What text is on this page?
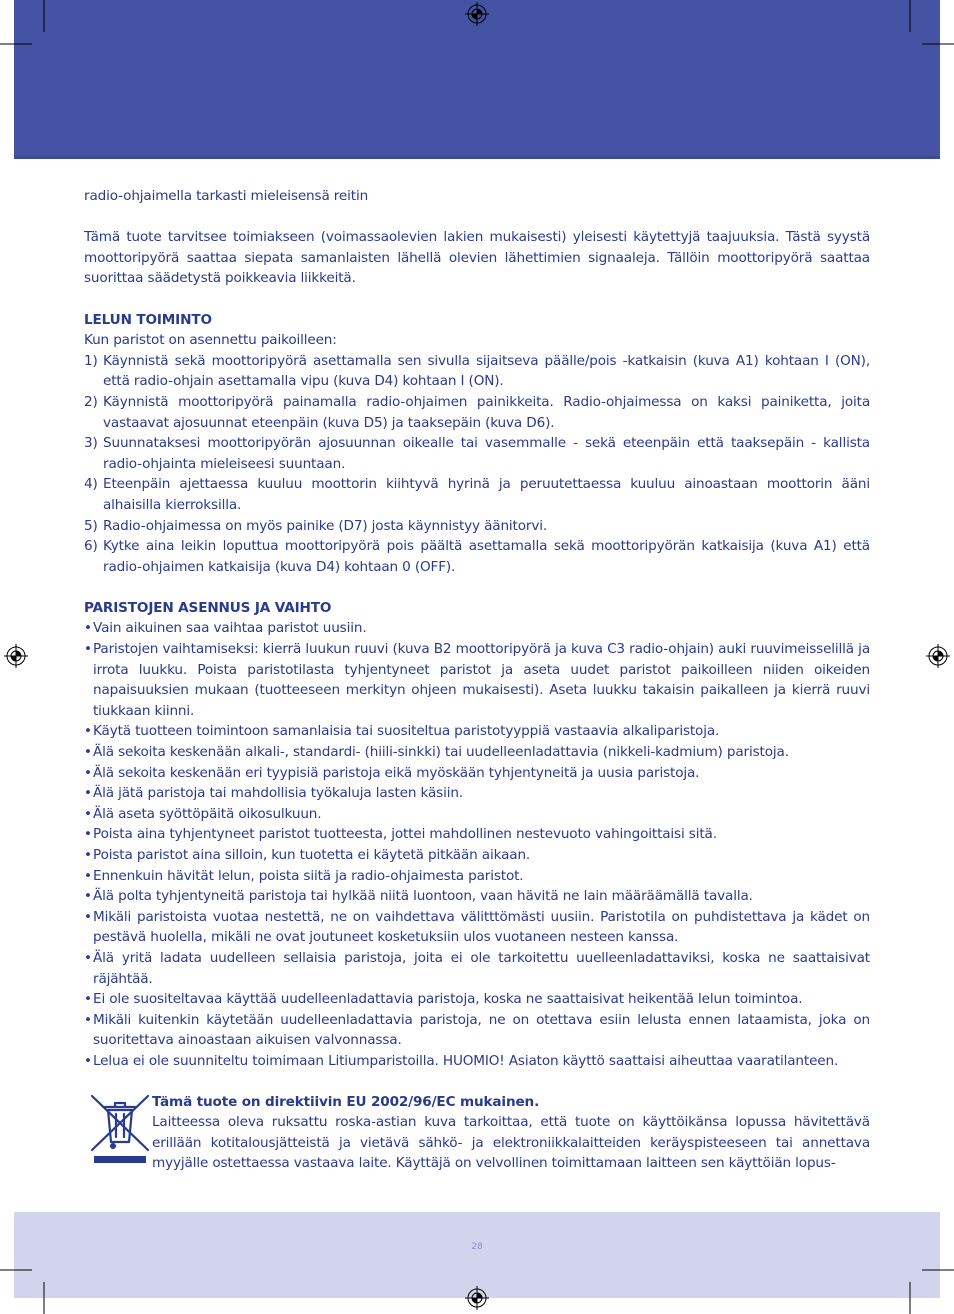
radio-ohjaimella tarkasti mieleisensä reitin

Tämä tuote tarvitsee toimiakseen (voimassaolevien lakien mukaisesti) yleisesti käytettyjä taajuuksia. Tästä syystä moottoripyörä saattaa siepata samanlaisten lähellä olevien lähettimien signaaleja. Tällöin moottoripyörä saattaa suorittaa säädetystä poikkeavia liikkeitä.

LELUN TOIMINTO

Kun paristot on asennettu paikoilleen:

1) Käynnistä sekä moottoripyörä asettamalla sen sivulla sijaitseva päälle/pois -katkaisin (kuva A1) kohtaan I (ON), että radio-ohjain asettamalla vipu (kuva D4) kohtaan I (ON).
2) Käynnistä moottoripyörä painamalla radio-ohjaimen painikkeita. Radio-ohjaimessa on kaksi painiketta, joita vastaavat ajosuunnat eteenpäin (kuva D5) ja taaksepäin (kuva D6).
3) Suunnataksesi moottoripyörän ajosuunnan oikealle tai vasemmalle - sekä eteenpäin että taaksepäin - kallista radio-ohjainta mieleiseesi suuntaan.
4) Eteenpäin ajettaessa kuuluu moottorin kiihtyvä hyrinä ja peruutettaessa kuuluu ainoastaan moottorin ääni alhaisilla kierroksilla.
5) Radio-ohjaimessa on myös painike (D7) josta käynnistyy äänitorvi.
6) Kytke aina leikin loputtua moottoripyörä pois päältä asettamalla sekä moottoripyörän katkaisija (kuva A1) että radio-ohjaimen katkaisija (kuva D4) kohtaan 0 (OFF).

PARISTOJEN ASENNUS JA VAIHTO

• Vain aikuinen saa vaihtaa paristot uusiin.
• Paristojen vaihtamiseksi: kierrä luukun ruuvi (kuva B2 moottoripyörä ja kuva C3 radio-ohjain) auki ruuvimeisselillä ja irrota luukku. Poista paristotilasta tyhjentyneet paristot ja aseta uudet paristot paikoilleen niiden oikeiden napaisuuksien mukaan (tuotteeseen merkityn ohjeen mukaisesti). Aseta luukku takaisin paikalleen ja kierrä ruuvi tiukkaan kiinni.
• Käytä tuotteen toimintoon samanlaisia tai suositeltua paristotyyppiä vastaavia alkaliparistoja.
• Älä sekoita keskenään alkali-, standardi- (hiili-sinkki) tai uudelleenladattavia (nikkeli-kadmium) paristoja.
• Älä sekoita keskenään eri tyypisiä paristoja eikä myöskään tyhjentyneitä ja uusia paristoja.
• Älä jätä paristoja tai mahdollisia työkaluja lasten käsiin.
• Älä aseta syöttöpäitä oikosulkuun.
• Poista aina tyhjentyneet paristot tuotteesta, jottei mahdollinen nestevuoto vahingoittaisi sitä.
• Poista paristot aina silloin, kun tuotetta ei käytetä pitkään aikaan.
• Ennenkuin hävität lelun, poista siitä ja radio-ohjaimesta paristot.
• Älä polta tyhjentyneitä paristoja tai hylkää niitä luontoon, vaan hävitä ne lain määräämällä tavalla.
• Mikäli paristoista vuotaa nestettä, ne on vaihdettava välitttömästi uusiin. Paristotila on puhdistettava ja kädet on pestävä huolella, mikäli ne ovat joutuneet kosketuksiin ulos vuotaneen nesteen kanssa.
• Älä yritä ladata uudelleen sellaisia paristoja, joita ei ole tarkoitettu uuelleenladattaviksi, koska ne saattaisivat räjähtää.
• Ei ole suositeltavaa käyttää uudelleenladattavia paristoja, koska ne saattaisivat heikentää lelun toimintoa.
• Mikäli kuitenkin käytetään uudelleenladattavia paristoja, ne on otettava esiin lelusta ennen lataamista, joka on suoritettava ainoastaan aikuisen valvonnassa.
• Lelua ei ole suunniteltu toimimaan Litiumparistoilla. HUOMIO! Asiaton käyttö saattaisi aiheuttaa vaaratilanteen.

Tämä tuote on direktiivin EU 2002/96/EC mukainen.

Laitteessa oleva ruksattu roska-astian kuva tarkoittaa, että tuote on käyttöikänsa lopussa hävitettävä erillään kotitalousjätteistä ja vietävä sähkö- ja elektroniikkalaitteiden keräyspisteeseen tai annettava myyjälle ostettaessa vastaava laite. Käyttäjä on velvollinen toimittamaan laitteen sen käyttöiän lopus-

28
